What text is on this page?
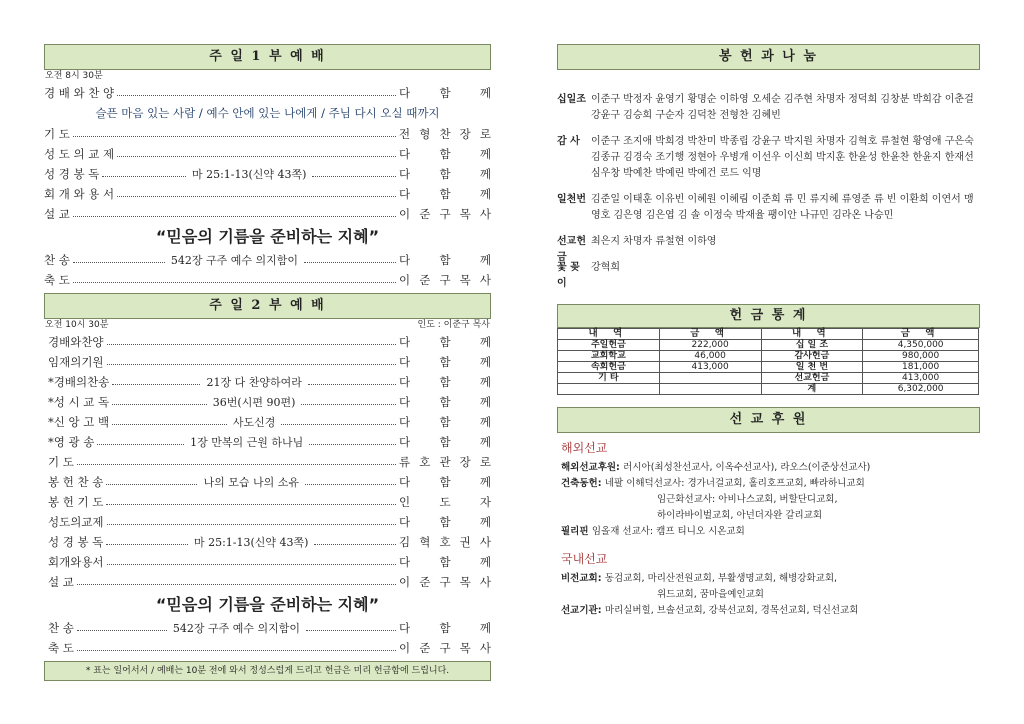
주 일 1 부 예 배
오전 8시 30분
경 배 와 찬 양	다	함	께
슬픈 마음 있는 사람 / 예수 안에 있는 나에게 / 주님 다시 오실 때까지
기 도	전 형 찬 장 로
성 도 의 교 제	다	함	께
성 경 봉 독	마 25:1-13(신약 43쪽)	다	함	께
회 개 와 용 서	다	함	께
설 교	이 준 구 목 사
“믿음의 기름을 준비하는 지혜”
찬 송	542장 구주 예수 의지함이	다	함	께
축 도	이 준 구 목 사
주 일 2 부 예 배
오전 10시 30분	인도 : 이준구 목사
경배와찬양	다	함	께
임재의기원	다	함	께
*경배의찬송	21장 다 찬양하여라	다	함	께
*성 시 교 독	36번(시편 90편)	다	함	께
*신 앙 고 백	사도신경	다	함	께
*영 광 송	1장 만복의 근원 하나님	다	함	께
기 도	류 호 관 장 로
봉 헌 찬 송	나의 모습 나의 소유	다	함	께
봉 헌 기 도	인	도	자
성도의교제	다	함	께
성 경 봉 독	마 25:1-13(신약 43쪽)	김 혁 호 권 사
회개와용서	다	함	께
설 교	이 준 구 목 사
“믿음의 기름을 준비하는 지혜”
찬 송	542장 구주 예수 의지함이	다	함	께
축 도	이 준 구 목 사
* 표는 일어서서 / 예배는 10분 전에 와서 정성스럽게 드리고 헌금은 미리 헌금함에 드립니다.
봉 헌 과 나 눔
십일조 이준구 박정자 윤영기 황명순 이하영 오세순 김주현 차명자 정덕희 김창분 박희감 이춘걸 강윤구 김승희 구순자 김덕찬 전형찬 김혜빈
감 사	이준구 조지애 박희경 박찬미 박종립 강윤구 박지원 차명자 김혁호 류철현 황영애 구은숙 김종규 김경숙 조기행 정현아 우병개 이선우 이신희 박지훈 한윤성 한윤찬 한윤지 한재선 심우창 박예찬 박예린 박예건 로드 익명
일천번 김준일 이태훈 이유빈 이혜원 이혜림 이준희 류 민 류지혜 류영준 류 빈 이환희 이연서 맹영호 김은영 김은엽 김 솔 이정숙 박재율 팽이안 나규민 김라온 나승민
선교헌금
최은지 차명자 류철현 이하영
꽃 꽂 이
강혁희
헌 금 통 계
내 역	금 액	내 역	금 액
주일헌금	222,000	십 일 조	4,350,000
교회학교	46,000	감사헌금	980,000
속회헌금	413,000	일 천 번	181,000
기 타		선교헌금	413,000
		계	6,302,000
선 교 후 원
해외선교
해외선교후원: 러시아(최성찬선교사, 이옥수선교사), 라오스(이준상선교사)
건축동헌: 네팔 이해덕선교사: 경가너걸교회, 홀리호프교회, 빠라하니교회
임근화선교사: 아비나스교회, 버할단디교회,
하이라바이벌교회, 아넌더자완 갈리교회
필리핀 임올재 선교사: 캠프 티니오 시온교회
국내선교
비전교회: 동검교회, 마리산전원교회, 부활생명교회, 해병강화교회,
위드교회, 꿈마을예인교회
선교기관: 마리실버힐, 브솔선교회, 강북선교회, 경목선교회, 덕신선교회
